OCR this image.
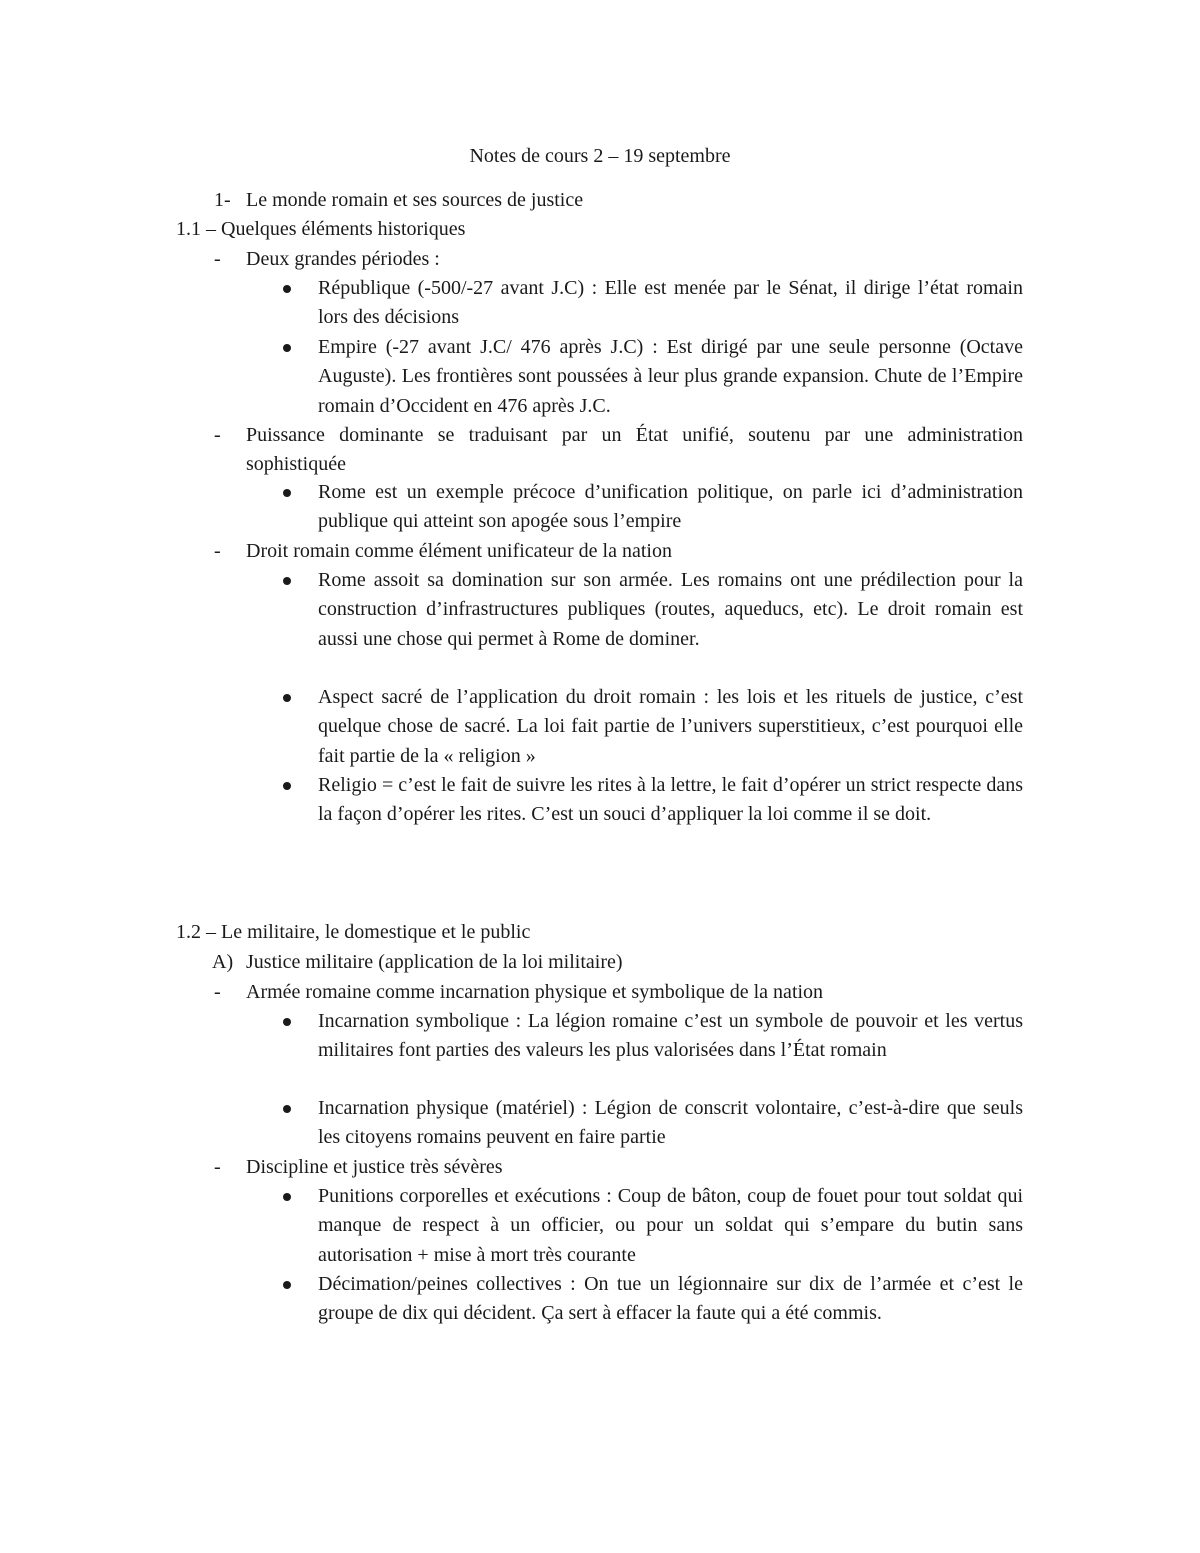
Notes de cours 2 – 19 septembre
1- Le monde romain et ses sources de justice
1.1 – Quelques éléments historiques
- Deux grandes périodes :
République (-500/-27 avant J.C) : Elle est menée par le Sénat, il dirige l’état romain lors des décisions
Empire (-27 avant J.C/ 476 après J.C) : Est dirigé par une seule personne (Octave Auguste). Les frontières sont poussées à leur plus grande expansion. Chute de l’Empire romain d’Occident en 476 après J.C.
- Puissance dominante se traduisant par un État unifié, soutenu par une administration sophistiquée
Rome est un exemple précoce d’unification politique, on parle ici d’administration publique qui atteint son apogée sous l’empire
- Droit romain comme élément unificateur de la nation
Rome assoit sa domination sur son armée. Les romains ont une prédilection pour la construction d’infrastructures publiques (routes, aqueducs, etc). Le droit romain est aussi une chose qui permet à Rome de dominer.
Aspect sacré de l’application du droit romain : les lois et les rituels de justice, c’est quelque chose de sacré. La loi fait partie de l’univers superstitieux, c’est pourquoi elle fait partie de la « religion »
Religio = c’est le fait de suivre les rites à la lettre, le fait d’opérer un strict respecte dans la façon d’opérer les rites. C’est un souci d’appliquer la loi comme il se doit.
1.2 – Le militaire, le domestique et le public
A) Justice militaire (application de la loi militaire)
- Armée romaine comme incarnation physique et symbolique de la nation
Incarnation symbolique : La légion romaine c’est un symbole de pouvoir et les vertus militaires font parties des valeurs les plus valorisées dans l’État romain
Incarnation physique (matériel) : Légion de conscrit volontaire, c’est-à-dire que seuls les citoyens romains peuvent en faire partie
- Discipline et justice très sévères
Punitions corporelles et exécutions : Coup de bâton, coup de fouet pour tout soldat qui manque de respect à un officier, ou pour un soldat qui s’empare du butin sans autorisation + mise à mort très courante
Décimation/peines collectives : On tue un légionnaire sur dix de l’armée et c’est le groupe de dix qui décident. Ça sert à effacer la faute qui a été commis.
